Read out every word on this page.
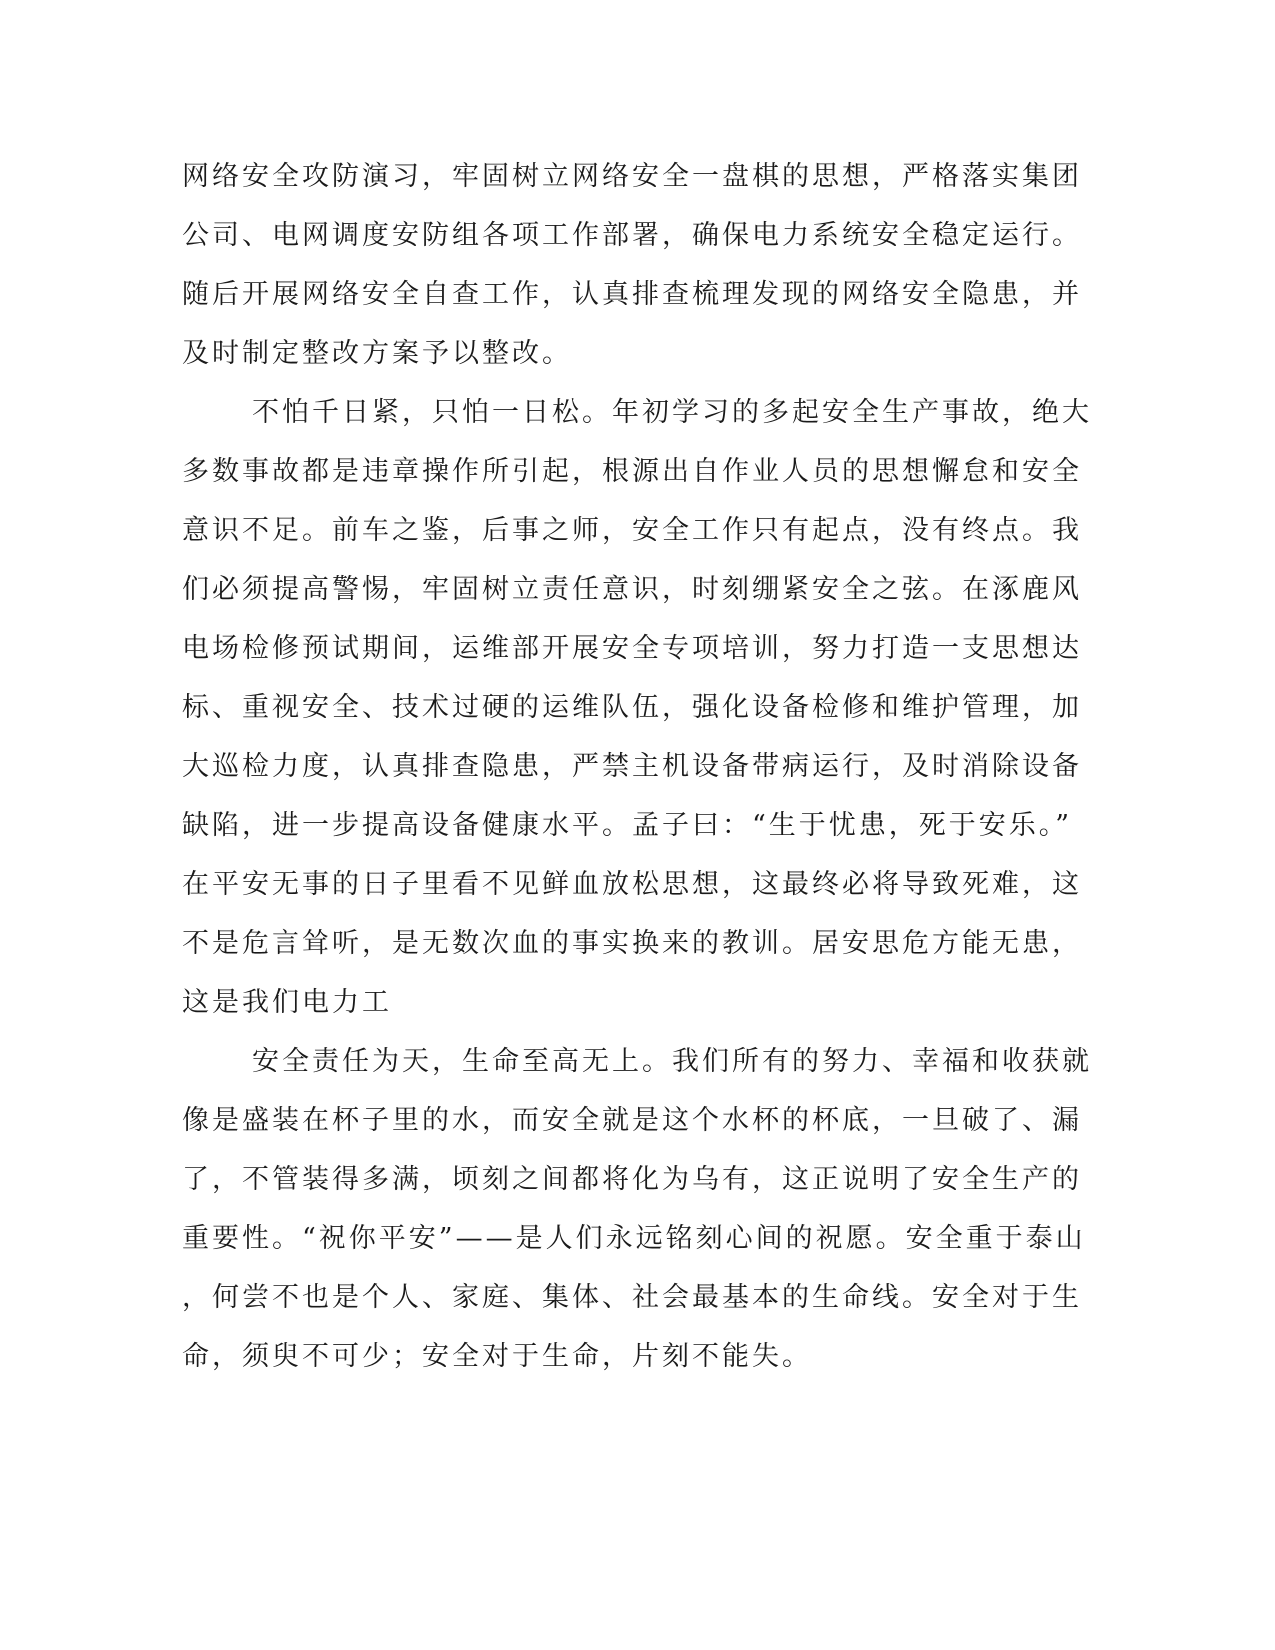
网络安全攻防演习，牢固树立网络安全一盘棋的思想，严格落实集团
公司、电网调度安防组各项工作部署，确保电力系统安全稳定运行。
随后开展网络安全自查工作，认真排查梳理发现的网络安全隐患，并
及时制定整改方案予以整改。
不怕千日紧，只怕一日松。年初学习的多起安全生产事故，绝大
多数事故都是违章操作所引起，根源出自作业人员的思想懈怠和安全
意识不足。前车之鉴，后事之师，安全工作只有起点，没有终点。我
们必须提高警惕，牢固树立责任意识，时刻绷紧安全之弦。在涿鹿风
电场检修预试期间，运维部开展安全专项培训，努力打造一支思想达
标、重视安全、技术过硬的运维队伍，强化设备检修和维护管理，加
大巡检力度，认真排查隐患，严禁主机设备带病运行，及时消除设备
缺陷，进一步提高设备健康水平。孟子曰：“生于忧患，死于安乐。”
在平安无事的日子里看不见鲜血放松思想，这最终必将导致死难，这
不是危言耸听，是无数次血的事实换来的教训。居安思危方能无患，
这是我们电力工
安全责任为天，生命至高无上。我们所有的努力、幸福和收获就
像是盛装在杯子里的水，而安全就是这个水杯的杯底，一旦破了、漏
了，不管装得多满，顷刻之间都将化为乌有，这正说明了安全生产的
重要性。“祝你平安”——是人们永远铭刻心间的祝愿。安全重于泰山
，何尝不也是个人、家庭、集体、社会最基本的生命线。安全对于生
命，须臾不可少；安全对于生命，片刻不能失。
